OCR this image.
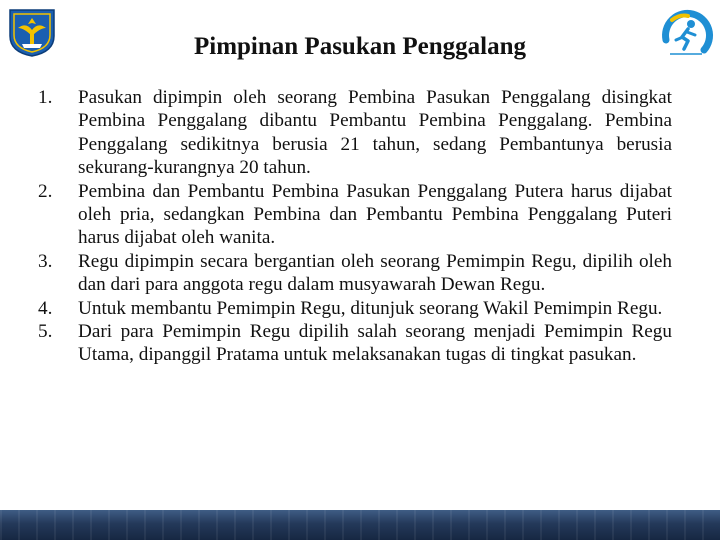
Pimpinan Pasukan Penggalang
1.	Pasukan dipimpin oleh seorang Pembina Pasukan Penggalang disingkat Pembina Penggalang dibantu Pembantu Pembina Penggalang. Pembina Penggalang sedikitnya berusia 21 tahun, sedang Pembantunya berusia sekurang-kurangnya 20 tahun.
2.	Pembina dan Pembantu Pembina Pasukan Penggalang Putera harus dijabat oleh pria, sedangkan Pembina dan Pembantu Pembina Penggalang Puteri harus dijabat oleh wanita.
3.	Regu dipimpin secara bergantian oleh seorang Pemimpin Regu, dipilih oleh dan dari para anggota regu dalam musyawarah Dewan Regu.
4.	Untuk membantu Pemimpin Regu, ditunjuk seorang Wakil Pemimpin Regu.
5.	Dari para Pemimpin Regu dipilih salah seorang menjadi Pemimpin Regu Utama, dipanggil Pratama untuk melaksanakan tugas di tingkat pasukan.
